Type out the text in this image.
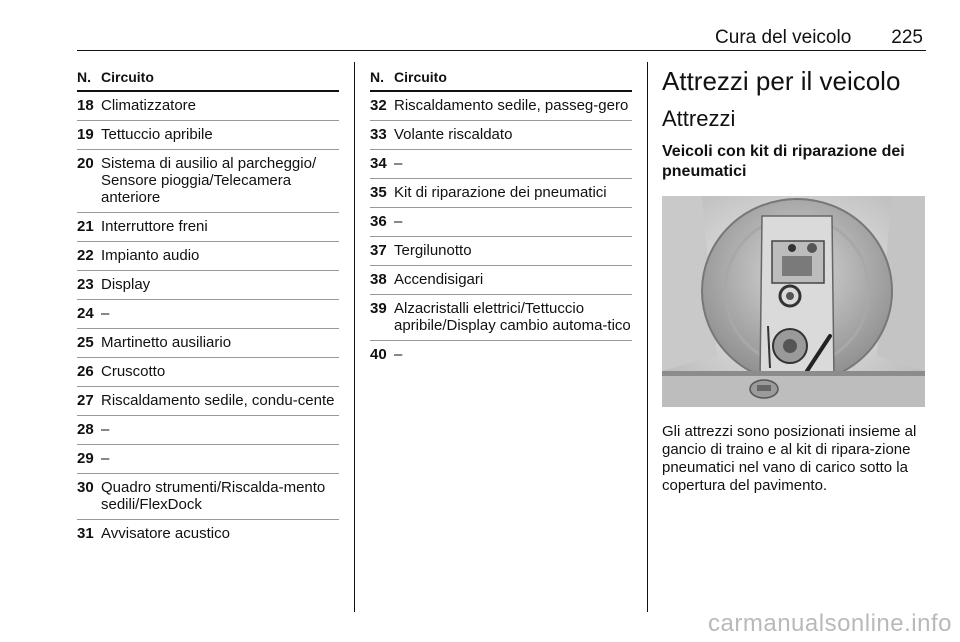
Cura del veicolo 225
N. Circuito
18 Climatizzatore
19 Tettuccio apribile
20 Sistema di ausilio al parcheggio/ Sensore pioggia/Telecamera anteriore
21 Interruttore freni
22 Impianto audio
23 Display
24 –
25 Martinetto ausiliario
26 Cruscotto
27 Riscaldamento sedile, condu-cente
28 –
29 –
30 Quadro strumenti/Riscalda-mento sedili/FlexDock
31 Avvisatore acustico
N. Circuito
32 Riscaldamento sedile, passeg-gero
33 Volante riscaldato
34 –
35 Kit di riparazione dei pneumatici
36 –
37 Tergilunotto
38 Accendisigari
39 Alzacristalli elettrici/Tettuccio apribile/Display cambio automa-tico
40 –
Attrezzi per il veicolo
Attrezzi
Veicoli con kit di riparazione dei pneumatici
Gli attrezzi sono posizionati insieme al gancio di traino e al kit di ripara-zione pneumatici nel vano di carico sotto la copertura del pavimento.
carmanualsonline.info
